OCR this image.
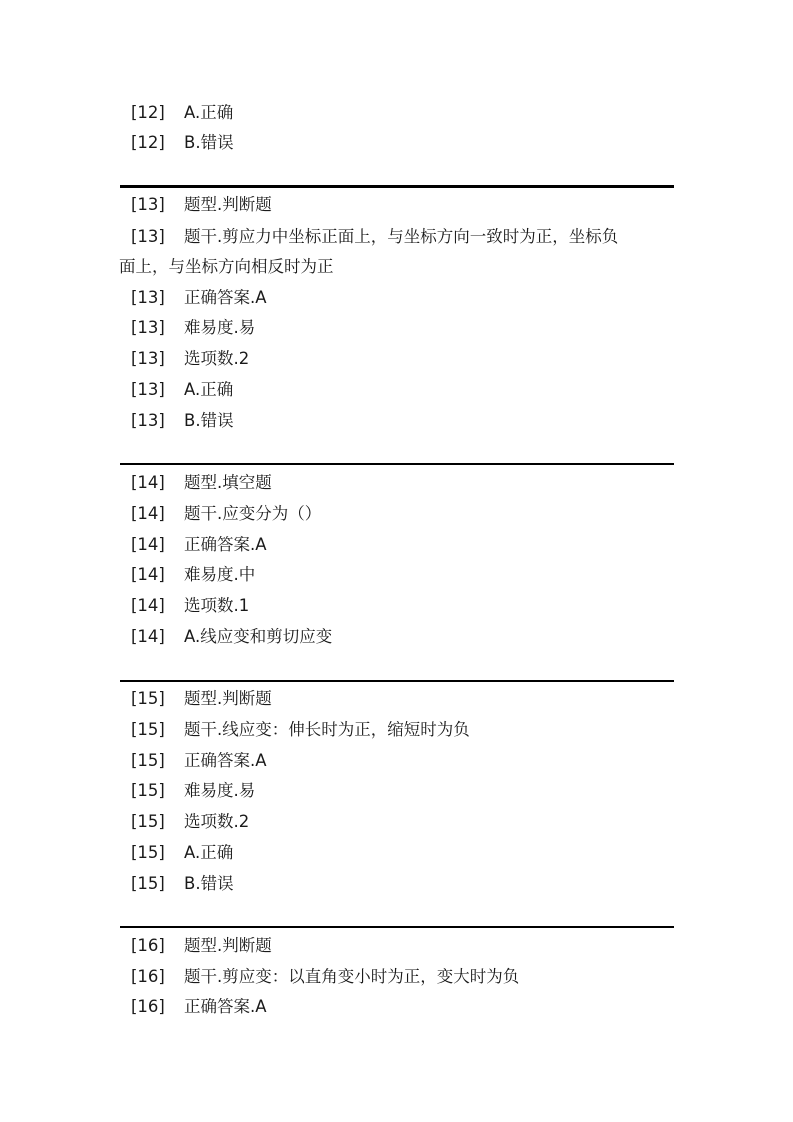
[12] A.正确
[12] B.错误
[13] 题型.判断题
[13] 题干.剪应力中坐标正面上，与坐标方向一致时为正，坐标负
面上，与坐标方向相反时为正
[13] 正确答案.A
[13] 难易度.易
[13] 选项数.2
[13] A.正确
[13] B.错误
[14] 题型.填空题
[14] 题干.应变分为（）
[14] 正确答案.A
[14] 难易度.中
[14] 选项数.1
[14] A.线应变和剪切应变
[15] 题型.判断题
[15] 题干.线应变：伸长时为正，缩短时为负
[15] 正确答案.A
[15] 难易度.易
[15] 选项数.2
[15] A.正确
[15] B.错误
[16] 题型.判断题
[16] 题干.剪应变：以直角变小时为正，变大时为负
[16] 正确答案.A
